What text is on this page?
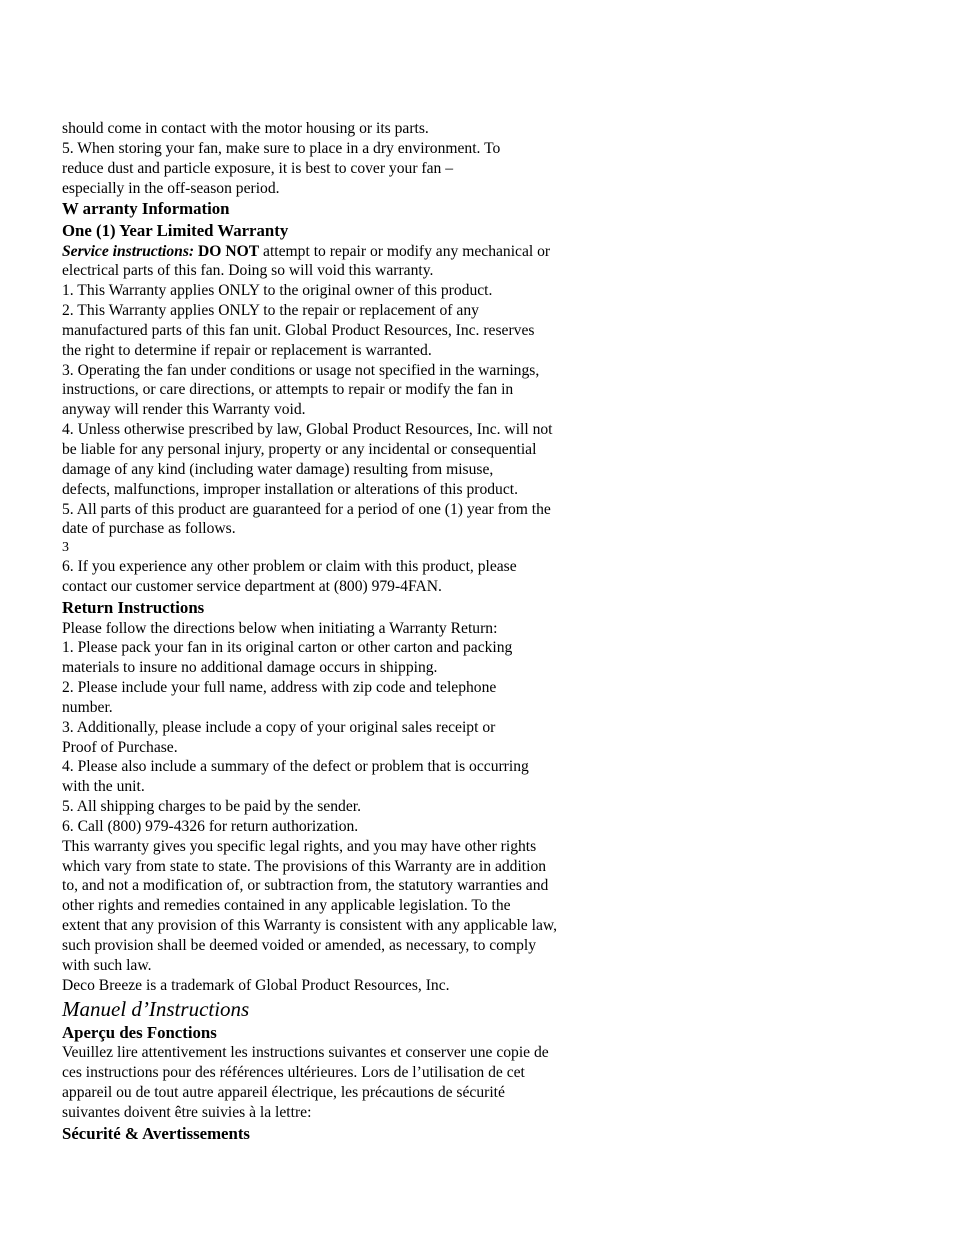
should come in contact with the motor housing or its parts.
5. When storing your fan, make sure to place in a dry environment. To
reduce dust and particle exposure, it is best to cover your fan –
especially in the off-season period.
W arranty Information
One (1) Year Limited Warranty
Service instructions: DO NOT attempt to repair or modify any mechanical or
electrical parts of this fan. Doing so will void this warranty.
1. This Warranty applies ONLY to the original owner of this product.
2. This Warranty applies ONLY to the repair or replacement of any
manufactured parts of this fan unit. Global Product Resources, Inc. reserves
the right to determine if repair or replacement is warranted.
3. Operating the fan under conditions or usage not specified in the warnings,
instructions, or care directions, or attempts to repair or modify the fan in
anyway will render this Warranty void.
4. Unless otherwise prescribed by law, Global Product Resources, Inc. will not
be liable for any personal injury, property or any incidental or consequential
damage of any kind (including water damage) resulting from misuse,
defects, malfunctions, improper installation or alterations of this product.
5. All parts of this product are guaranteed for a period of one (1) year from the
date of purchase as follows.
3
6. If you experience any other problem or claim with this product, please
contact our customer service department at (800) 979-4FAN.
Return Instructions
Please follow the directions below when initiating a Warranty Return:
1. Please pack your fan in its original carton or other carton and packing
materials to insure no additional damage occurs in shipping.
2. Please include your full name, address with zip code and telephone
number.
3. Additionally, please include a copy of your original sales receipt or
Proof of Purchase.
4. Please also include a summary of the defect or problem that is occurring
with the unit.
5. All shipping charges to be paid by the sender.
6. Call (800) 979-4326 for return authorization.
This warranty gives you specific legal rights, and you may have other rights
which vary from state to state. The provisions of this Warranty are in addition
to, and not a modification of, or subtraction from, the statutory warranties and
other rights and remedies contained in any applicable legislation. To the
extent that any provision of this Warranty is consistent with any applicable law,
such provision shall be deemed voided or amended, as necessary, to comply
with such law.
Deco Breeze is a trademark of Global Product Resources, Inc.
Manuel d’Instructions
Aperçu des Fonctions
Veuillez lire attentivement les instructions suivantes et conserver une copie de
ces instructions pour des références ultérieures. Lors de l’utilisation de cet
appareil ou de tout autre appareil électrique, les précautions de sécurité
suivantes doivent être suivies à la lettre:
Sécurité & Avertissements
